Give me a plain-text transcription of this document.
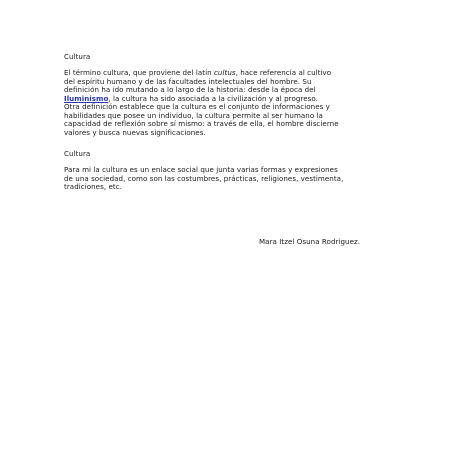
Cultura
El término cultura, que proviene del latín cultus, hace referencia al cultivo
del espíritu humano y de las facultades intelectuales del hombre. Su
definición ha ido mutando a lo largo de la historia: desde la época del
Iluminismo, la cultura ha sido asociada a la civilización y al progreso.
Otra definición establece que la cultura es el conjunto de informaciones y
habilidades que posee un individuo, la cultura permite al ser humano la
capacidad de reflexión sobre sí mismo: a través de ella, el hombre discierne
valores y busca nuevas significaciones.
Cultura
Para mi la cultura es un enlace social que junta varias formas y expresiones
de una sociedad, como son las costumbres, prácticas, religiones, vestimenta,
tradiciones, etc.
Mara Itzel Osuna Rodriguez.
